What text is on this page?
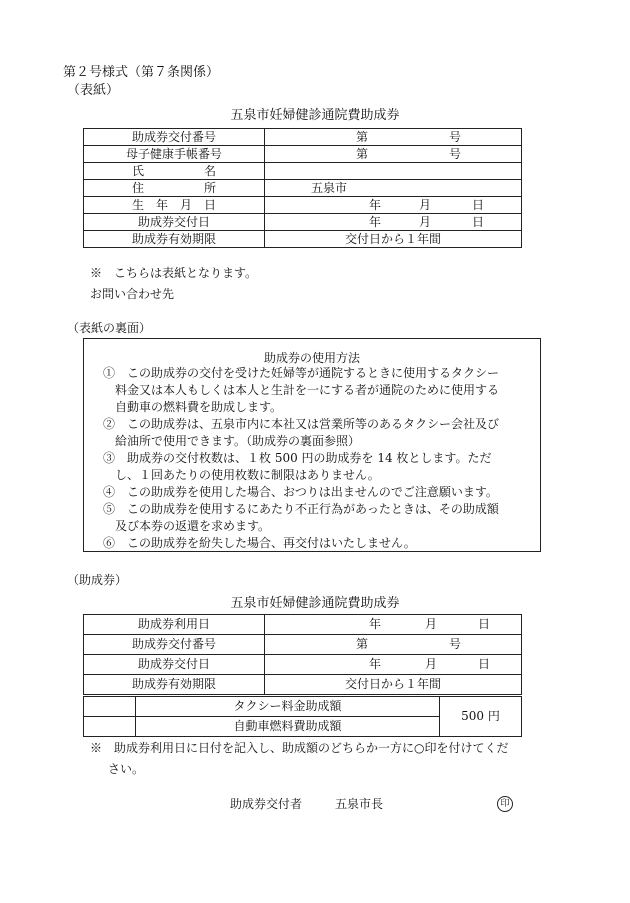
第２号様式（第７条関係）
（表紙）
五泉市妊婦健診通院費助成券
助成券交付番号	第 号

母子健康手帳番号	第 号

氏　　　　　名	
住　　　　　所	五泉市

生　年　月　日	年 月 日

助成券交付日	年 月 日

助成券有効期限	交付日から１年間
※　こちらは表紙となります。
お問い合わせ先
（表紙の裏面）
助成券の使用方法
①　この助成券の交付を受けた妊婦等が通院するときに使用するタクシー
料金又は本人もしくは本人と生計を一にする者が通院のために使用する
自動車の燃料費を助成します。
②　この助成券は、五泉市内に本社又は営業所等のあるタクシー会社及び
給油所で使用できます。（助成券の裏面参照）
③　助成券の交付枚数は、１枚 500 円の助成券を 14 枚とします。ただ
し、１回あたりの使用枚数に制限はありません。
④　この助成券を使用した場合、おつりは出ませんのでご注意願います。
⑤　この助成券を使用するにあたり不正行為があったときは、その助成額
及び本券の返還を求めます。
⑥　この助成券を紛失した場合、再交付はいたしません。
（助成券）
五泉市妊婦健診通院費助成券
助成券利用日	年 月 日

助成券交付番号	第 号

助成券交付日	年 月 日

助成券有効期限	交付日から１年間
	タクシー料金助成額	500 円
	自動車燃料費助成額	
※　助成券利用日に日付を記入し、助成額のどちらか一方に○印を付けてくだ
さい。
助成券交付者	五泉市長	印
